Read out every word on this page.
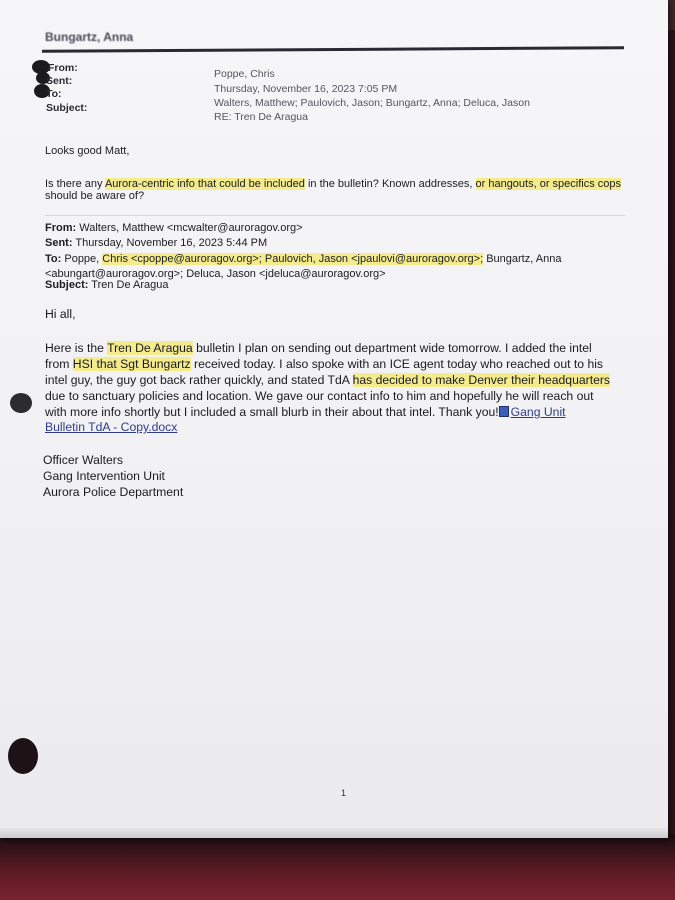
Bungartz, Anna
From:
Sent:
To:
Subject:
Poppe, Chris
Thursday, November 16, 2023 7:05 PM
Walters, Matthew; Paulovich, Jason; Bungartz, Anna; Deluca, Jason
RE: Tren De Aragua
Looks good Matt,
Is there any Aurora-centric info that could be included in the bulletin? Known addresses, or hangouts, or specifics cops
should be aware of?
From: Walters, Matthew <mcwalter@auroragov.org>
Sent: Thursday, November 16, 2023 5:44 PM
To: Poppe, Chris <cpoppe@auroragov.org>; Paulovich, Jason <jpaulovi@auroragov.org>; Bungartz, Anna
<abungart@auroragov.org>; Deluca, Jason <jdeluca@auroragov.org>
Subject: Tren De Aragua
Hi all,
Here is the Tren De Aragua bulletin I plan on sending out department wide tomorrow. I added the intel
from HSI that Sgt Bungartz received today. I also spoke with an ICE agent today who reached out to his
intel guy, the guy got back rather quickly, and stated TdA has decided to make Denver their headquarters
due to sanctuary policies and location. We gave our contact info to him and hopefully he will reach out
with more info shortly but I included a small blurb in their about that intel. Thank you! Gang Unit
Bulletin TdA - Copy.docx
Officer Walters
Gang Intervention Unit
Aurora Police Department
1
